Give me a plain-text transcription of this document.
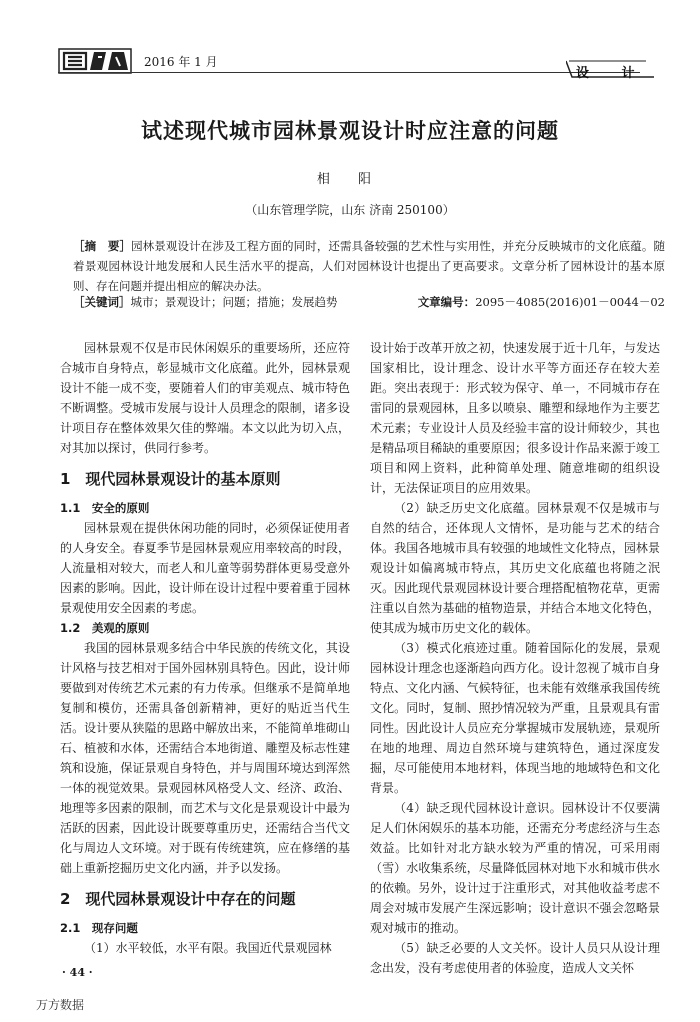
2016 年 1 月
设 计
试述现代城市园林景观设计时应注意的问题
相 阳
（山东管理学院，山东 济南 250100）
［摘　要］园林景观设计在涉及工程方面的同时，还需具备较强的艺术性与实用性，并充分反映城市的文化底蕴。随着景观园林设计地发展和人民生活水平的提高，人们对园林设计也提出了更高要求。文章分析了园林设计的基本原则、存在问题并提出相应的解决办法。
［关键词］城市；景观设计；问题；措施；发展趋势	文章编号：2095－4085(2016)01－0044－02

园林景观不仅是市民休闲娱乐的重要场所，还应符合城市自身特点，彰显城市文化底蕴。此外，园林景观设计不能一成不变，要随着人们的审美观点、城市特色不断调整。受城市发展与设计人员理念的限制，诸多设计项目存在整体效果欠佳的弊端。本文以此为切入点，对其加以探讨，供同行参考。

1　现代园林景观设计的基本原则

1.1　安全的原则

园林景观在提供休闲功能的同时，必须保证使用者的人身安全。春夏季节是园林景观应用率较高的时段，人流量相对较大，而老人和儿童等弱势群体更易受意外因素的影响。因此，设计师在设计过程中要着重于园林景观使用安全因素的考虑。

1.2　美观的原则

我国的园林景观多结合中华民族的传统文化，其设计风格与技艺相对于国外园林别具特色。因此，设计师要做到对传统艺术元素的有力传承。但继承不是简单地复制和模仿，还需具备创新精神，更好的贴近当代生活。设计要从狭隘的思路中解放出来，不能简单堆砌山石、植被和水体，还需结合本地街道、雕塑及标志性建筑和设施，保证景观自身特色，并与周围环境达到浑然一体的视觉效果。景观园林风格受人文、经济、政治、地理等多因素的限制，而艺术与文化是景观设计中最为活跃的因素，因此设计既要尊重历史，还需结合当代文化与周边人文环境。对于既有传统建筑，应在修缮的基础上重新挖掘历史文化内涵，并予以发扬。

2　现代园林景观设计中存在的问题

2.1　现存问题

（1）水平较低，水平有限。我国近代景观园林

设计始于改革开放之初，快速发展于近十几年，与发达国家相比，设计理念、设计水平等方面还存在较大差距。突出表现于：形式较为保守、单一，不同城市存在雷同的景观园林，且多以喷泉、雕塑和绿地作为主要艺术元素；专业设计人员及经验丰富的设计师较少，其也是精品项目稀缺的重要原因；很多设计作品来源于竣工项目和网上资料，此种简单处理、随意堆砌的组织设计，无法保证项目的应用效果。

（2）缺乏历史文化底蕴。园林景观不仅是城市与自然的结合，还体现人文情怀，是功能与艺术的结合体。我国各地城市具有较强的地域性文化特点，园林景观设计如偏离城市特点，其历史文化底蕴也将随之泯灭。因此现代景观园林设计要合理搭配植物花草，更需注重以自然为基础的植物造景，并结合本地文化特色，使其成为城市历史文化的载体。

（3）模式化痕迹过重。随着国际化的发展，景观园林设计理念也逐渐趋向西方化。设计忽视了城市自身特点、文化内涵、气候特征，也未能有效继承我国传统文化。同时，复制、照抄情况较为严重，且景观具有雷同性。因此设计人员应充分掌握城市发展轨迹，景观所在地的地理、周边自然环境与建筑特色，通过深度发掘，尽可能使用本地材料，体现当地的地域特色和文化背景。

（4）缺乏现代园林设计意识。园林设计不仅要满足人们休闲娱乐的基本功能，还需充分考虑经济与生态效益。比如针对北方缺水较为严重的情况，可采用雨（雪）水收集系统，尽量降低园林对地下水和城市供水的依赖。另外，设计过于注重形式，对其他收益考虑不周会对城市发展产生深远影响；设计意识不强会忽略景观对城市的推动。

（5）缺乏必要的人文关怀。设计人员只从设计理念出发，没有考虑使用者的体验度，造成人文关怀

· 44 ·
万方数据
